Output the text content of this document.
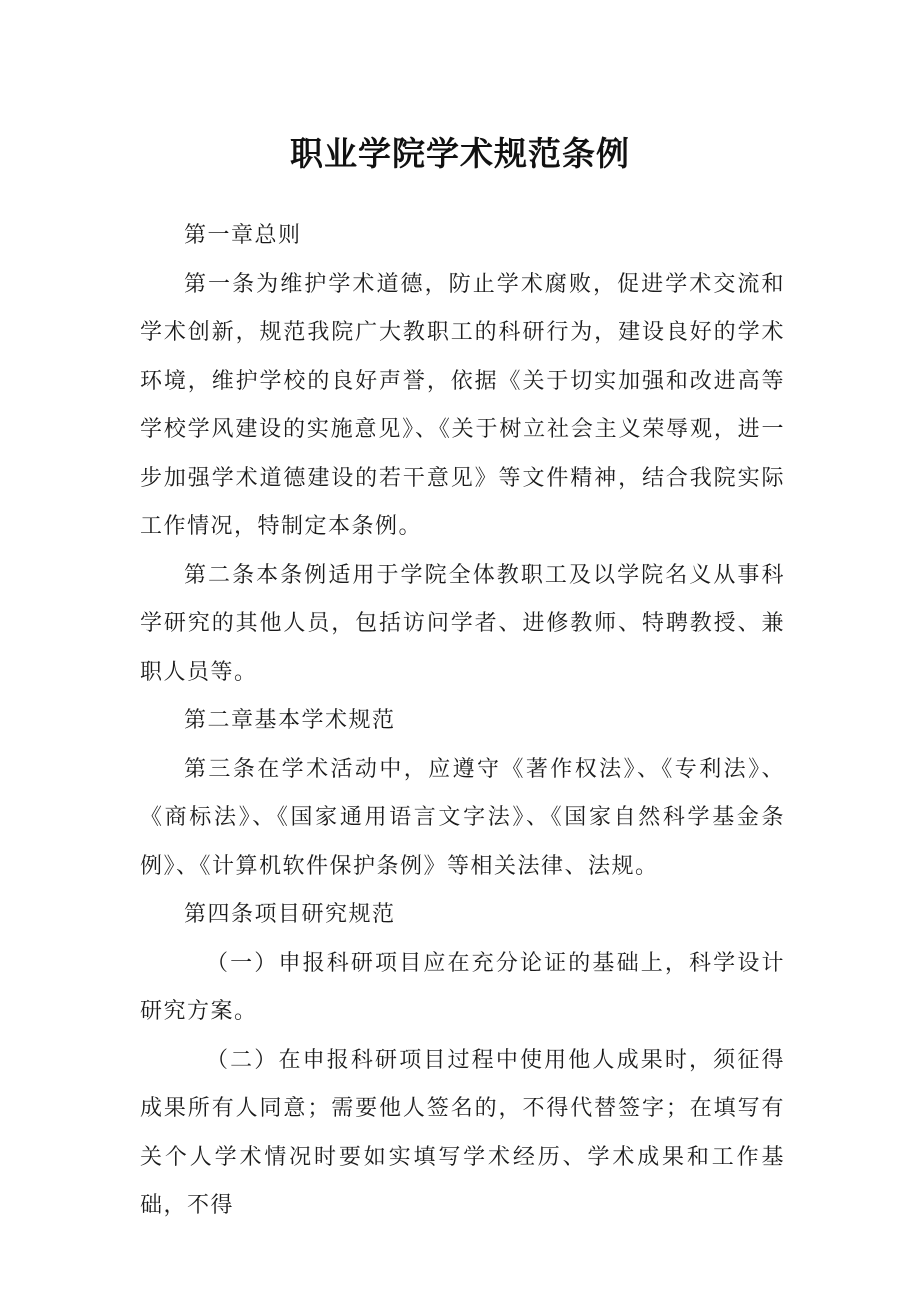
职业学院学术规范条例

第一章总则

第一条为维护学术道德，防止学术腐败，促进学术交流和学术创新，规范我院广大教职工的科研行为，建设良好的学术环境，维护学校的良好声誉，依据《关于切实加强和改进高等学校学风建设的实施意见》、《关于树立社会主义荣辱观，进一步加强学术道德建设的若干意见》等文件精神，结合我院实际工作情况，特制定本条例。

第二条本条例适用于学院全体教职工及以学院名义从事科学研究的其他人员，包括访问学者、进修教师、特聘教授、兼职人员等。

第二章基本学术规范

第三条在学术活动中，应遵守《著作权法》、《专利法》、《商标法》、《国家通用语言文字法》、《国家自然科学基金条例》、《计算机软件保护条例》等相关法律、法规。

第四条项目研究规范

（一）申报科研项目应在充分论证的基础上，科学设计研究方案。

（二）在申报科研项目过程中使用他人成果时，须征得成果所有人同意；需要他人签名的，不得代替签字；在填写有关个人学术情况时要如实填写学术经历、学术成果和工作基础，不得
